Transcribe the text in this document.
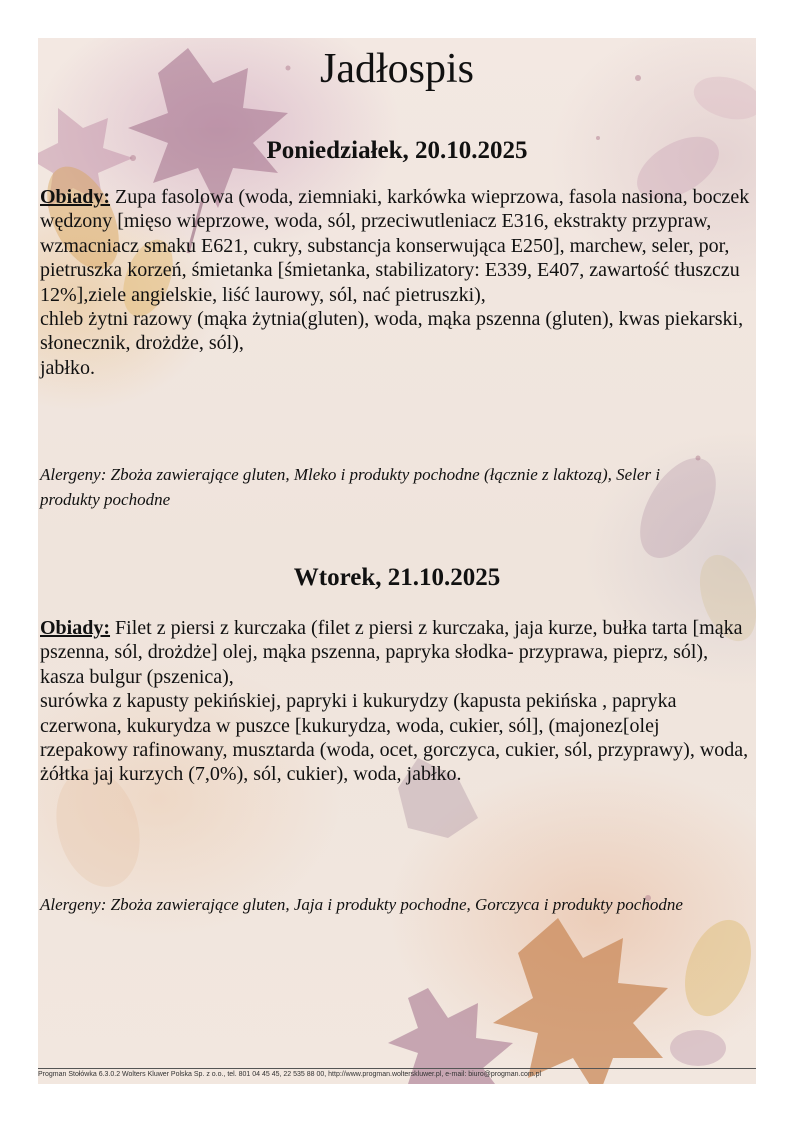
Jadłospis
Poniedziałek, 20.10.2025

Obiady: Zupa fasolowa (woda, ziemniaki, karkówka wieprzowa, fasola nasiona, boczek wędzony [mięso wieprzowe, woda, sól, przeciwutleniacz E316, ekstrakty przypraw, wzmacniacz smaku E621, cukry, substancja konserwująca E250], marchew, seler, por, pietruszka korzeń, śmietanka [śmietanka, stabilizatory: E339, E407, zawartość tłuszczu 12%],ziele angielskie, liść laurowy, sól, nać pietruszki),
chleb żytni razowy (mąka żytnia(gluten), woda, mąka pszenna (gluten), kwas piekarski, słonecznik, drożdże, sól),
jabłko.

Alergeny: Zboża zawierające gluten, Mleko i produkty pochodne (łącznie z laktozą), Seler i produkty pochodne

Wtorek, 21.10.2025

Obiady: Filet z piersi z kurczaka (filet z piersi z kurczaka, jaja kurze, bułka tarta [mąka pszenna, sól, drożdże] olej, mąka pszenna, papryka słodka- przyprawa, pieprz, sól),
kasza bulgur (pszenica),
surówka z kapusty pekińskiej, papryki i kukurydzy (kapusta pekińska , papryka czerwona, kukurydza w puszce [kukurydza, woda, cukier, sól], (majonez[olej rzepakowy rafinowany, musztarda (woda, ocet, gorczyca, cukier, sól, przyprawy), woda, żółtka jaj kurzych (7,0%), sól, cukier), woda, jabłko.

Alergeny: Zboża zawierające gluten, Jaja i produkty pochodne, Gorczyca i produkty pochodne

Progman Stołówka 6.3.0.2 Wolters Kluwer Polska Sp. z o.o., tel. 801 04 45 45, 22 535 88 00, http://www.progman.wolterskluwer.pl, e-mail: biuro@progman.com.pl
